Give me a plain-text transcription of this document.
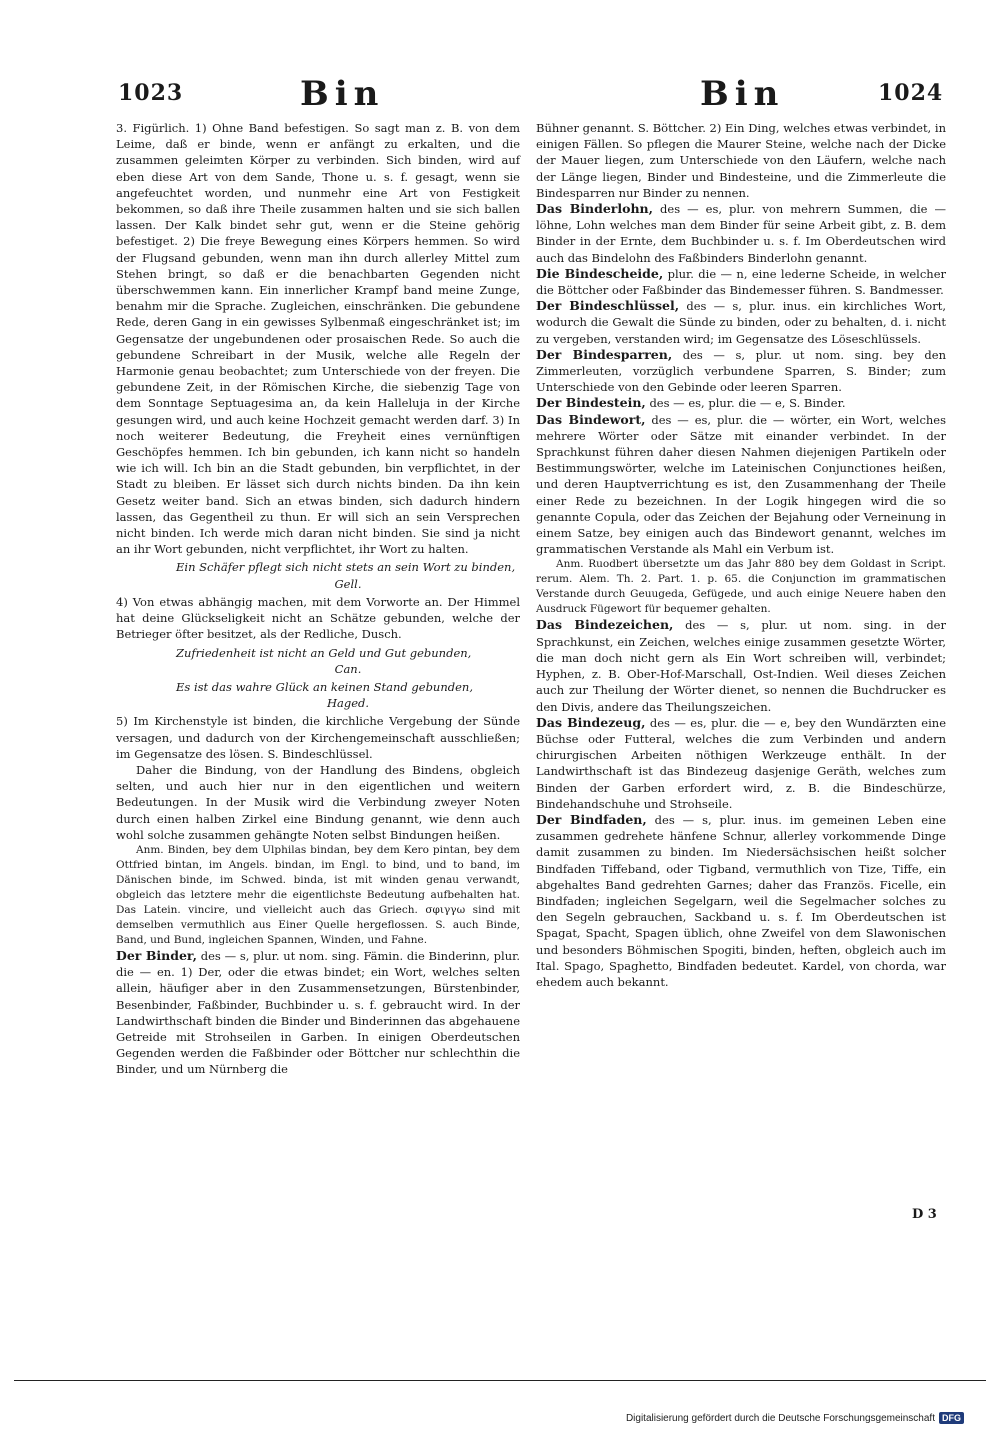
1023	Bin	Bin	1024

3. Figürlich. 1) Ohne Band befestigen. So sagt man z. B. von dem Leime, daß er binde, wenn er anfängt zu erkalten, und die zusammen geleimten Körper zu verbinden. Sich binden, wird auf eben diese Art von dem Sande, Thone u. s. f. gesagt, wenn sie angefeuchtet worden, und nunmehr eine Art von Festigkeit bekommen, so daß ihre Theile zusammen halten und sie sich ballen lassen. Der Kalk bindet sehr gut, wenn er die Steine gehörig befestiget. 2) Die freye Bewegung eines Körpers hemmen. So wird der Flugsand gebunden, wenn man ihn durch allerley Mittel zum Stehen bringt, so daß er die benachbarten Gegenden nicht überschwemmen kann. Ein innerlicher Krampf band meine Zunge, benahm mir die Sprache. Zugleichen, einschränken. Die gebundene Rede, deren Gang in ein gewisses Sylbenmaß eingeschränket ist; im Gegensatze der ungebundenen oder prosaischen Rede. So auch die gebundene Schreibart in der Musik, welche alle Regeln der Harmonie genau beobachtet; zum Unterschiede von der freyen. Die gebundene Zeit, in der Römischen Kirche, die siebenzig Tage von dem Sonntage Septuagesima an, da kein Halleluja in der Kirche gesungen wird, und auch keine Hochzeit gemacht werden darf. 3) In noch weiterer Bedeutung, die Freyheit eines vernünftigen Geschöpfes hemmen. Ich bin gebunden, ich kann nicht so handeln wie ich will. Ich bin an die Stadt gebunden, bin verpflichtet, in der Stadt zu bleiben. Er lässet sich durch nichts binden. Da ihn kein Gesetz weiter band. Sich an etwas binden, sich dadurch hindern lassen, das Gegentheil zu thun. Er will sich an sein Versprechen nicht binden. Ich werde mich daran nicht binden. Sie sind ja nicht an ihr Wort gebunden, nicht verpflichtet, ihr Wort zu halten.

Ein Schäfer pflegt sich nicht stets an sein Wort zu binden,
Gell.

4) Von etwas abhängig machen, mit dem Vorworte an. Der Himmel hat deine Glückseligkeit nicht an Schätze gebunden, welche der Betrieger öfter besitzet, als der Redliche, Dusch.

Zufriedenheit ist nicht an Geld und Gut gebunden,
Can.
Es ist das wahre Glück an keinen Stand gebunden,
Haged.

5) Im Kirchenstyle ist binden, die kirchliche Vergebung der Sünde versagen, und dadurch von der Kirchengemeinschaft ausschließen; im Gegensatze des lösen. S. Bindeschlüssel.

Daher die Bindung, von der Handlung des Bindens, obgleich selten, und auch hier nur in den eigentlichen und weitern Bedeutungen. In der Musik wird die Verbindung zweyer Noten durch einen halben Zirkel eine Bindung genannt, wie denn auch wohl solche zusammen gehängte Noten selbst Bindungen heißen.

Anm. Binden, bey dem Ulphilas bindan, bey dem Kero pintan, bey dem Ottfried bintan, im Angels. bindan, im Engl. to bind, und to band, im Dänischen binde, im Schwed. binda, ist mit winden genau verwandt, obgleich das letztere mehr die eigentlichste Bedeutung aufbehalten hat. Das Latein. vincire, und vielleicht auch das Griech. σφιγγω sind mit demselben vermuthlich aus Einer Quelle hergeflossen. S. auch Binde, Band, und Bund, ingleichen Spannen, Winden, und Fahne.

Der Binder, des — s, plur. ut nom. sing. Fämin. die Binderinn, plur. die — en. 1) Der, oder die etwas bindet; ein Wort, welches selten allein, häufiger aber in den Zusammensetzungen, Bürstenbinder, Besenbinder, Faßbinder, Buchbinder u. s. f. gebraucht wird. In der Landwirthschaft binden die Binder und Binderinnen das abgehauene Getreide mit Strohseilen in Garben. In einigen Oberdeutschen Gegenden werden die Faßbinder oder Böttcher nur schlechthin die Binder, und um Nürnberg die

Bühner genannt. S. Böttcher. 2) Ein Ding, welches etwas verbindet, in einigen Fällen. So pflegen die Maurer Steine, welche nach der Dicke der Mauer liegen, zum Unterschiede von den Läufern, welche nach der Länge liegen, Binder und Bindesteine, und die Zimmerleute die Bindesparren nur Binder zu nennen.

Das Binderlohn, des — es, plur. von mehrern Summen, die — löhne, Lohn welches man dem Binder für seine Arbeit gibt, z. B. dem Binder in der Ernte, dem Buchbinder u. s. f. Im Oberdeutschen wird auch das Bindelohn des Faßbinders Binderlohn genannt.

Die Bindescheide, plur. die — n, eine lederne Scheide, in welcher die Böttcher oder Faßbinder das Bindemesser führen. S. Bandmesser.

Der Bindeschlüssel, des — s, plur. inus. ein kirchliches Wort, wodurch die Gewalt die Sünde zu binden, oder zu behalten, d. i. nicht zu vergeben, verstanden wird; im Gegensatze des Löseschlüssels.

Der Bindesparren, des — s, plur. ut nom. sing. bey den Zimmerleuten, vorzüglich verbundene Sparren, S. Binder; zum Unterschiede von den Gebinde oder leeren Sparren.

Der Bindestein, des — es, plur. die — e, S. Binder.

Das Bindewort, des — es, plur. die — wörter, ein Wort, welches mehrere Wörter oder Sätze mit einander verbindet. In der Sprachkunst führen daher diesen Nahmen diejenigen Partikeln oder Bestimmungswörter, welche im Lateinischen Conjunctiones heißen, und deren Hauptverrichtung es ist, den Zusammenhang der Theile einer Rede zu bezeichnen. In der Logik hingegen wird die so genannte Copula, oder das Zeichen der Bejahung oder Verneinung in einem Satze, bey einigen auch das Bindewort genannt, welches im grammatischen Verstande als Mahl ein Verbum ist.

Anm. Ruodbert übersetzte um das Jahr 880 bey dem Goldast in Script. rerum. Alem. Th. 2. Part. 1. p. 65. die Conjunction im grammatischen Verstande durch Geuugeda, Gefügede, und auch einige Neuere haben den Ausdruck Fügewort für bequemer gehalten.

Das Bindezeichen, des — s, plur. ut nom. sing. in der Sprachkunst, ein Zeichen, welches einige zusammen gesetzte Wörter, die man doch nicht gern als Ein Wort schreiben will, verbindet; Hyphen, z. B. Ober-Hof-Marschall, Ost-Indien. Weil dieses Zeichen auch zur Theilung der Wörter dienet, so nennen die Buchdrucker es den Divis, andere das Theilungszeichen.

Das Bindezeug, des — es, plur. die — e, bey den Wundärzten eine Büchse oder Futteral, welches die zum Verbinden und andern chirurgischen Arbeiten nöthigen Werkzeuge enthält. In der Landwirthschaft ist das Bindezeug dasjenige Geräth, welches zum Binden der Garben erfordert wird, z. B. die Bindeschürze, Bindehandschuhe und Strohseile.

Der Bindfaden, des — s, plur. inus. im gemeinen Leben eine zusammen gedrehete hänfene Schnur, allerley vorkommende Dinge damit zusammen zu binden. Im Niedersächsischen heißt solcher Bindfaden Tiffeband, oder Tigband, vermuthlich von Tize, Tiffe, ein abgehaltes Band gedrehten Garnes; daher das Französ. Ficelle, ein Bindfaden; ingleichen Segelgarn, weil die Segelmacher solches zu den Segeln gebrauchen, Sackband u. s. f. Im Oberdeutschen ist Spagat, Spacht, Spagen üblich, ohne Zweifel von dem Slawonischen und besonders Böhmischen Spogiti, binden, heften, obgleich auch im Ital. Spago, Spaghetto, Bindfaden bedeutet. Kardel, von chorda, war ehedem auch bekannt.

D 3
Digitalisierung gefördert durch die Deutsche Forschungsgemeinschaft DFG
